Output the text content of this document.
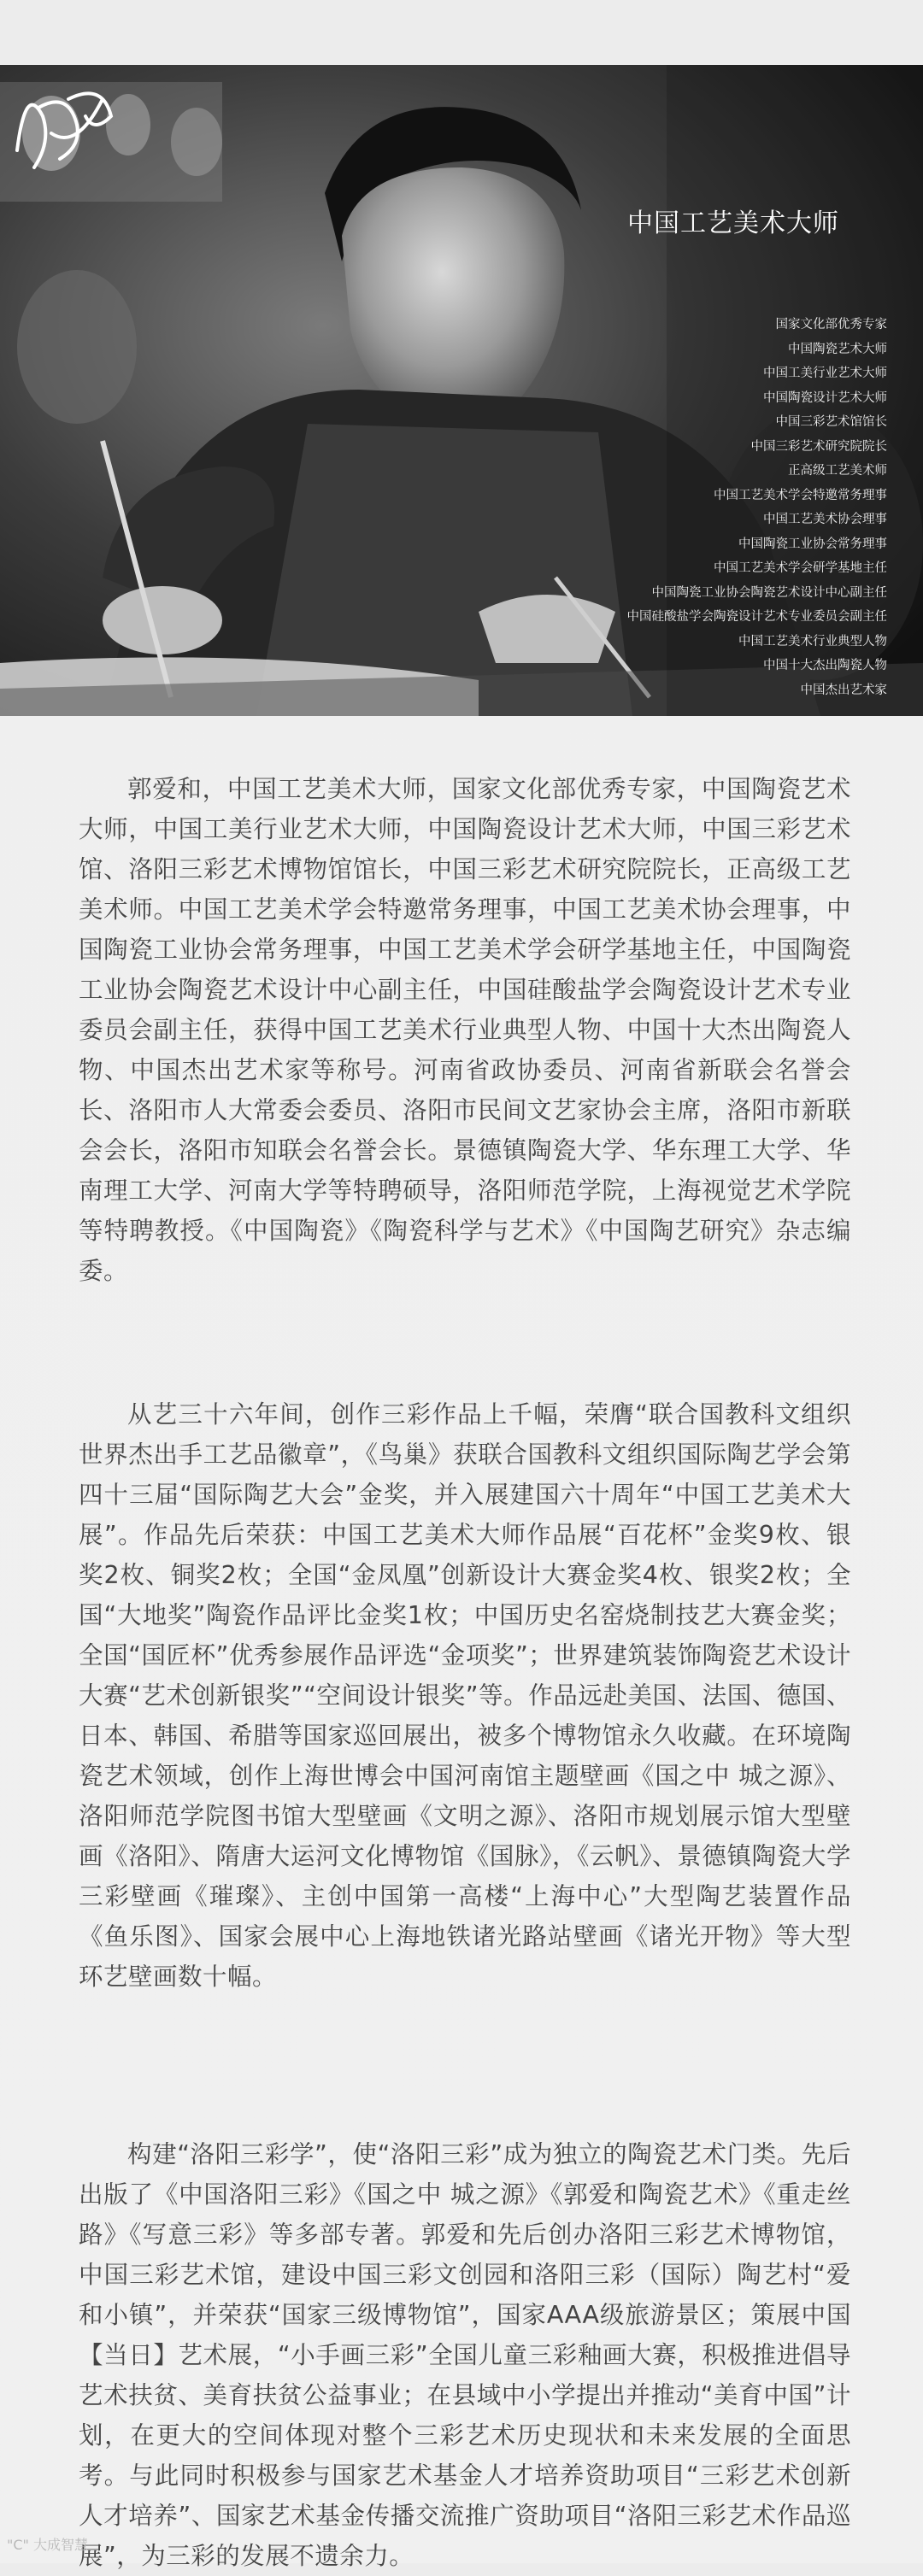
中国工艺美术大师
国家文化部优秀专家
中国陶瓷艺术大师
中国工美行业艺术大师
中国陶瓷设计艺术大师
中国三彩艺术馆馆长
中国三彩艺术研究院院长
正高级工艺美术师
中国工艺美术学会特邀常务理事
中国工艺美术协会理事
中国陶瓷工业协会常务理事
中国工艺美术学会研学基地主任
中国陶瓷工业协会陶瓷艺术设计中心副主任
中国硅酸盐学会陶瓷设计艺术专业委员会副主任
中国工艺美术行业典型人物
中国十大杰出陶瓷人物
中国杰出艺术家

郭爱和，中国工艺美术大师，国家文化部优秀专家，中国陶瓷艺术大师，中国工美行业艺术大师，中国陶瓷设计艺术大师，中国三彩艺术馆、洛阳三彩艺术博物馆馆长，中国三彩艺术研究院院长，正高级工艺美术师。中国工艺美术学会特邀常务理事，中国工艺美术协会理事，中国陶瓷工业协会常务理事，中国工艺美术学会研学基地主任，中国陶瓷工业协会陶瓷艺术设计中心副主任，中国硅酸盐学会陶瓷设计艺术专业委员会副主任，获得中国工艺美术行业典型人物、中国十大杰出陶瓷人物、中国杰出艺术家等称号。河南省政协委员、河南省新联会名誉会长、洛阳市人大常委会委员、洛阳市民间文艺家协会主席，洛阳市新联会会长，洛阳市知联会名誉会长。景德镇陶瓷大学、华东理工大学、华南理工大学、河南大学等特聘硕导，洛阳师范学院，上海视觉艺术学院等特聘教授。《中国陶瓷》《陶瓷科学与艺术》《中国陶艺研究》杂志编委。

从艺三十六年间，创作三彩作品上千幅，荣膺“联合国教科文组织世界杰出手工艺品徽章”，《鸟巢》获联合国教科文组织国际陶艺学会第四十三届“国际陶艺大会”金奖，并入展建国六十周年“中国工艺美术大展”。作品先后荣获：中国工艺美术大师作品展“百花杯”金奖9枚、银奖2枚、铜奖2枚；全国“金凤凰”创新设计大赛金奖4枚、银奖2枚；全国“大地奖”陶瓷作品评比金奖1枚；中国历史名窑烧制技艺大赛金奖；全国“国匠杯”优秀参展作品评选“金项奖”；世界建筑装饰陶瓷艺术设计大赛“艺术创新银奖”“空间设计银奖”等。作品远赴美国、法国、德国、日本、韩国、希腊等国家巡回展出，被多个博物馆永久收藏。在环境陶瓷艺术领域，创作上海世博会中国河南馆主题壁画《国之中 城之源》、洛阳师范学院图书馆大型壁画《文明之源》、洛阳市规划展示馆大型壁画《洛阳》、隋唐大运河文化博物馆《国脉》，《云帆》、景德镇陶瓷大学三彩壁画《璀璨》、主创中国第一高楼“上海中心”大型陶艺装置作品《鱼乐图》、国家会展中心上海地铁诸光路站壁画《诸光开物》等大型环艺壁画数十幅。

构建“洛阳三彩学”，使“洛阳三彩”成为独立的陶瓷艺术门类。先后出版了《中国洛阳三彩》《国之中 城之源》《郭爱和陶瓷艺术》《重走丝路》《写意三彩》等多部专著。郭爱和先后创办洛阳三彩艺术博物馆，中国三彩艺术馆，建设中国三彩文创园和洛阳三彩（国际）陶艺村“爱和小镇”，并荣获“国家三级博物馆”，国家AAA级旅游景区；策展中国【当日】艺术展，“小手画三彩”全国儿童三彩釉画大赛，积极推进倡导艺术扶贫、美育扶贫公益事业；在县域中小学提出并推动“美育中国”计划，在更大的空间体现对整个三彩艺术历史现状和未来发展的全面思考。与此同时积极参与国家艺术基金人才培养资助项目“三彩艺术创新人才培养”、国家艺术基金传播交流推广资助项目“洛阳三彩艺术作品巡展”，为三彩的发展不遗余力。

"C" 大成智慧
